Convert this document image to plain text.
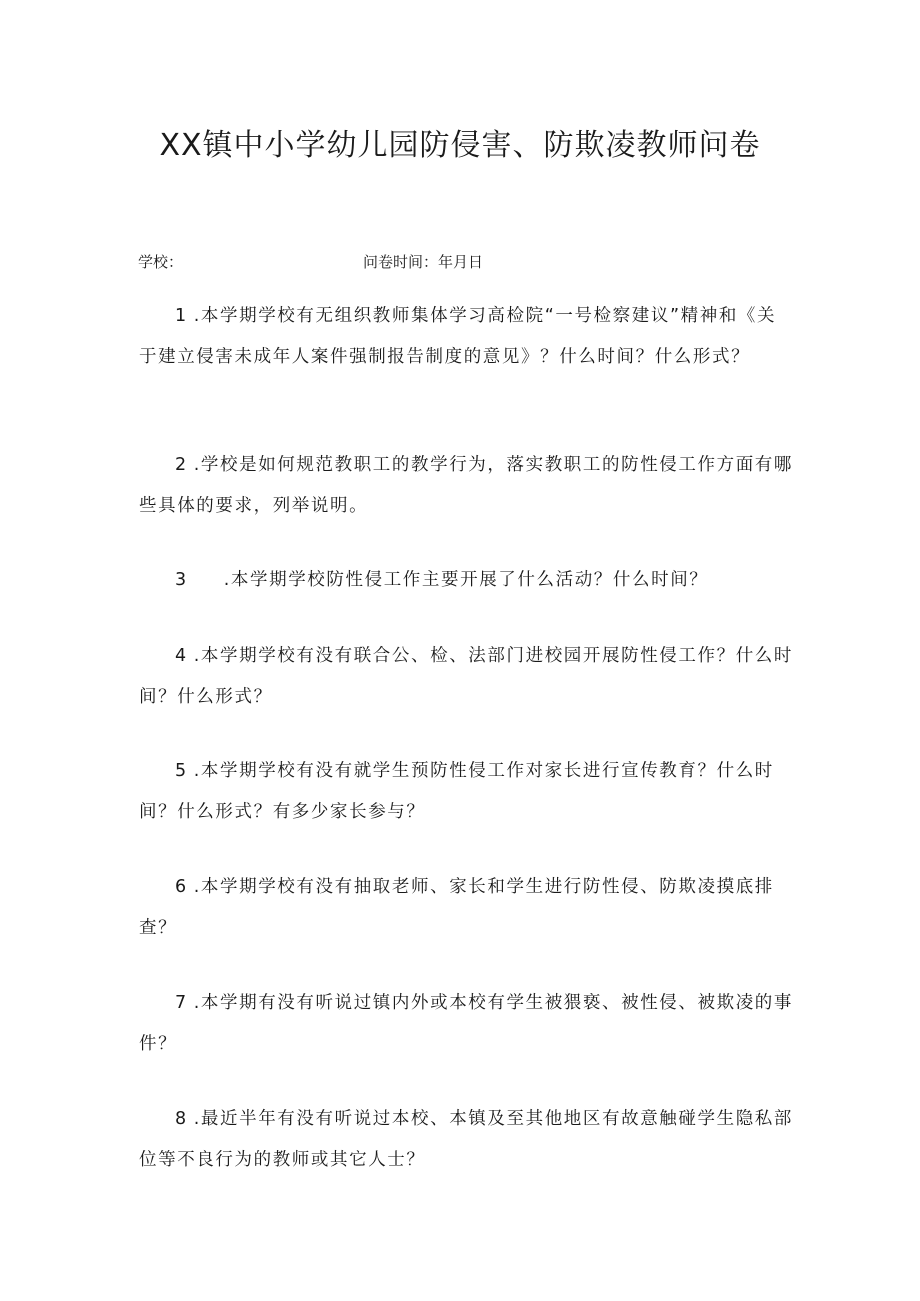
XX镇中小学幼儿园防侵害、防欺凌教师问卷
学校：	问卷时间：年月日

1 .本学期学校有无组织教师集体学习高检院“一号检察建议”精神和《关于建立侵害未成年人案件强制报告制度的意见》？什么时间？什么形式？

2 .学校是如何规范教职工的教学行为，落实教职工的防性侵工作方面有哪些具体的要求，列举说明。

3 .本学期学校防性侵工作主要开展了什么活动？什么时间？

4 .本学期学校有没有联合公、检、法部门进校园开展防性侵工作？什么时间？什么形式？

5 .本学期学校有没有就学生预防性侵工作对家长进行宣传教育？什么时间？什么形式？有多少家长参与？

6 .本学期学校有没有抽取老师、家长和学生进行防性侵、防欺凌摸底排查？

7 .本学期有没有听说过镇内外或本校有学生被猥亵、被性侵、被欺凌的事件？

8 .最近半年有没有听说过本校、本镇及至其他地区有故意触碰学生隐私部位等不良行为的教师或其它人士？
